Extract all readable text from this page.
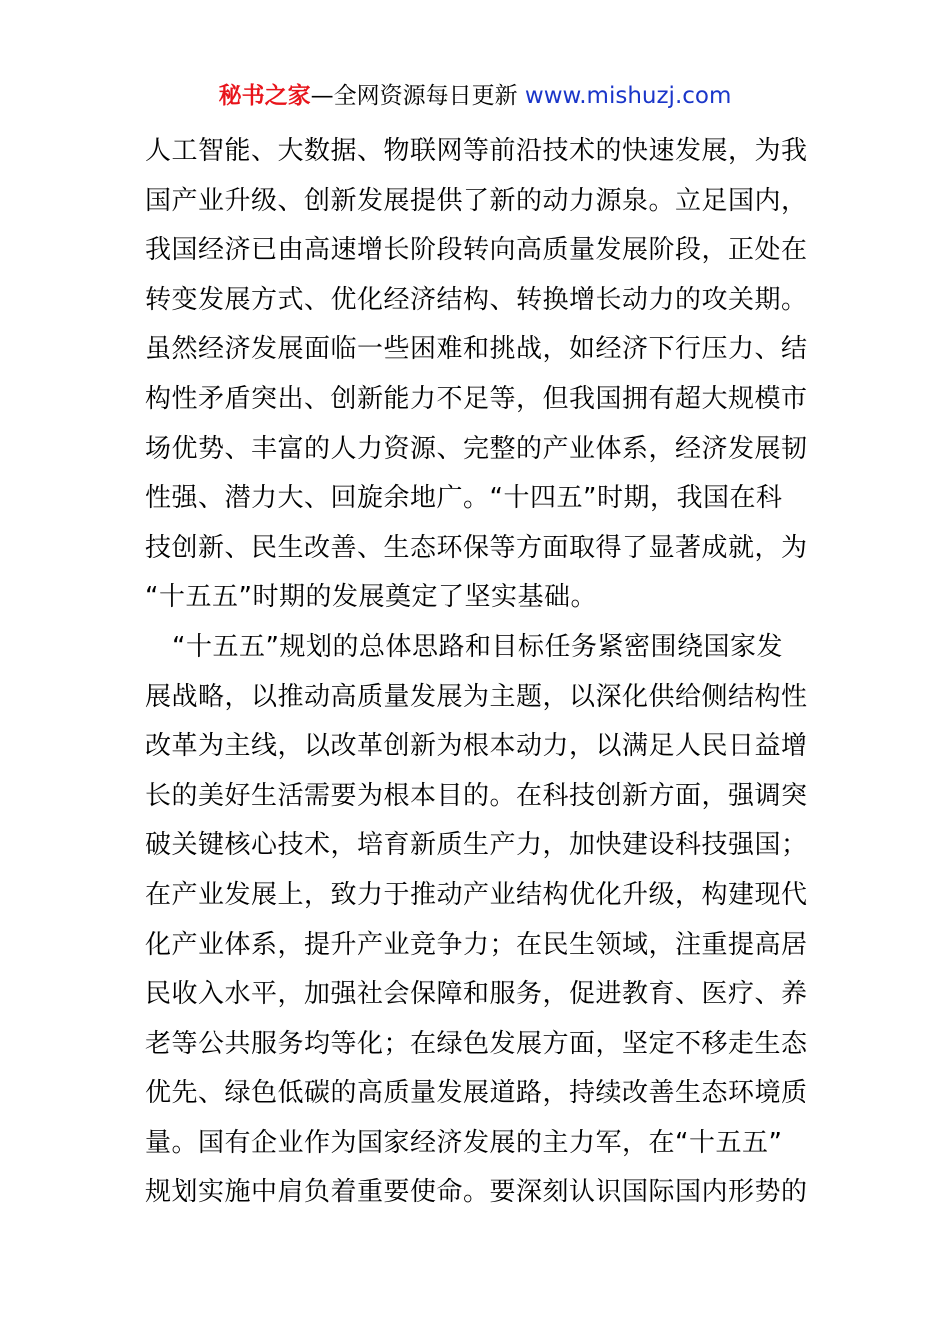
秘书之家—全网资源每日更新 www.mishuzj.com

人工智能、大数据、物联网等前沿技术的快速发展，为我
国产业升级、创新发展提供了新的动力源泉。立足国内，
我国经济已由高速增长阶段转向高质量发展阶段，正处在
转变发展方式、优化经济结构、转换增长动力的攻关期。
虽然经济发展面临一些困难和挑战，如经济下行压力、结
构性矛盾突出、创新能力不足等，但我国拥有超大规模市
场优势、丰富的人力资源、完整的产业体系，经济发展韧
性强、潜力大、回旋余地广。“十四五”时期，我国在科
技创新、民生改善、生态环保等方面取得了显著成就，为
“十五五”时期的发展奠定了坚实基础。

“十五五”规划的总体思路和目标任务紧密围绕国家发
展战略，以推动高质量发展为主题，以深化供给侧结构性
改革为主线，以改革创新为根本动力，以满足人民日益增
长的美好生活需要为根本目的。在科技创新方面，强调突
破关键核心技术，培育新质生产力，加快建设科技强国；
在产业发展上，致力于推动产业结构优化升级，构建现代
化产业体系，提升产业竞争力；在民生领域，注重提高居
民收入水平，加强社会保障和服务，促进教育、医疗、养
老等公共服务均等化；在绿色发展方面，坚定不移走生态
优先、绿色低碳的高质量发展道路，持续改善生态环境质
量。国有企业作为国家经济发展的主力军，在“十五五”
规划实施中肩负着重要使命。要深刻认识国际国内形势的
